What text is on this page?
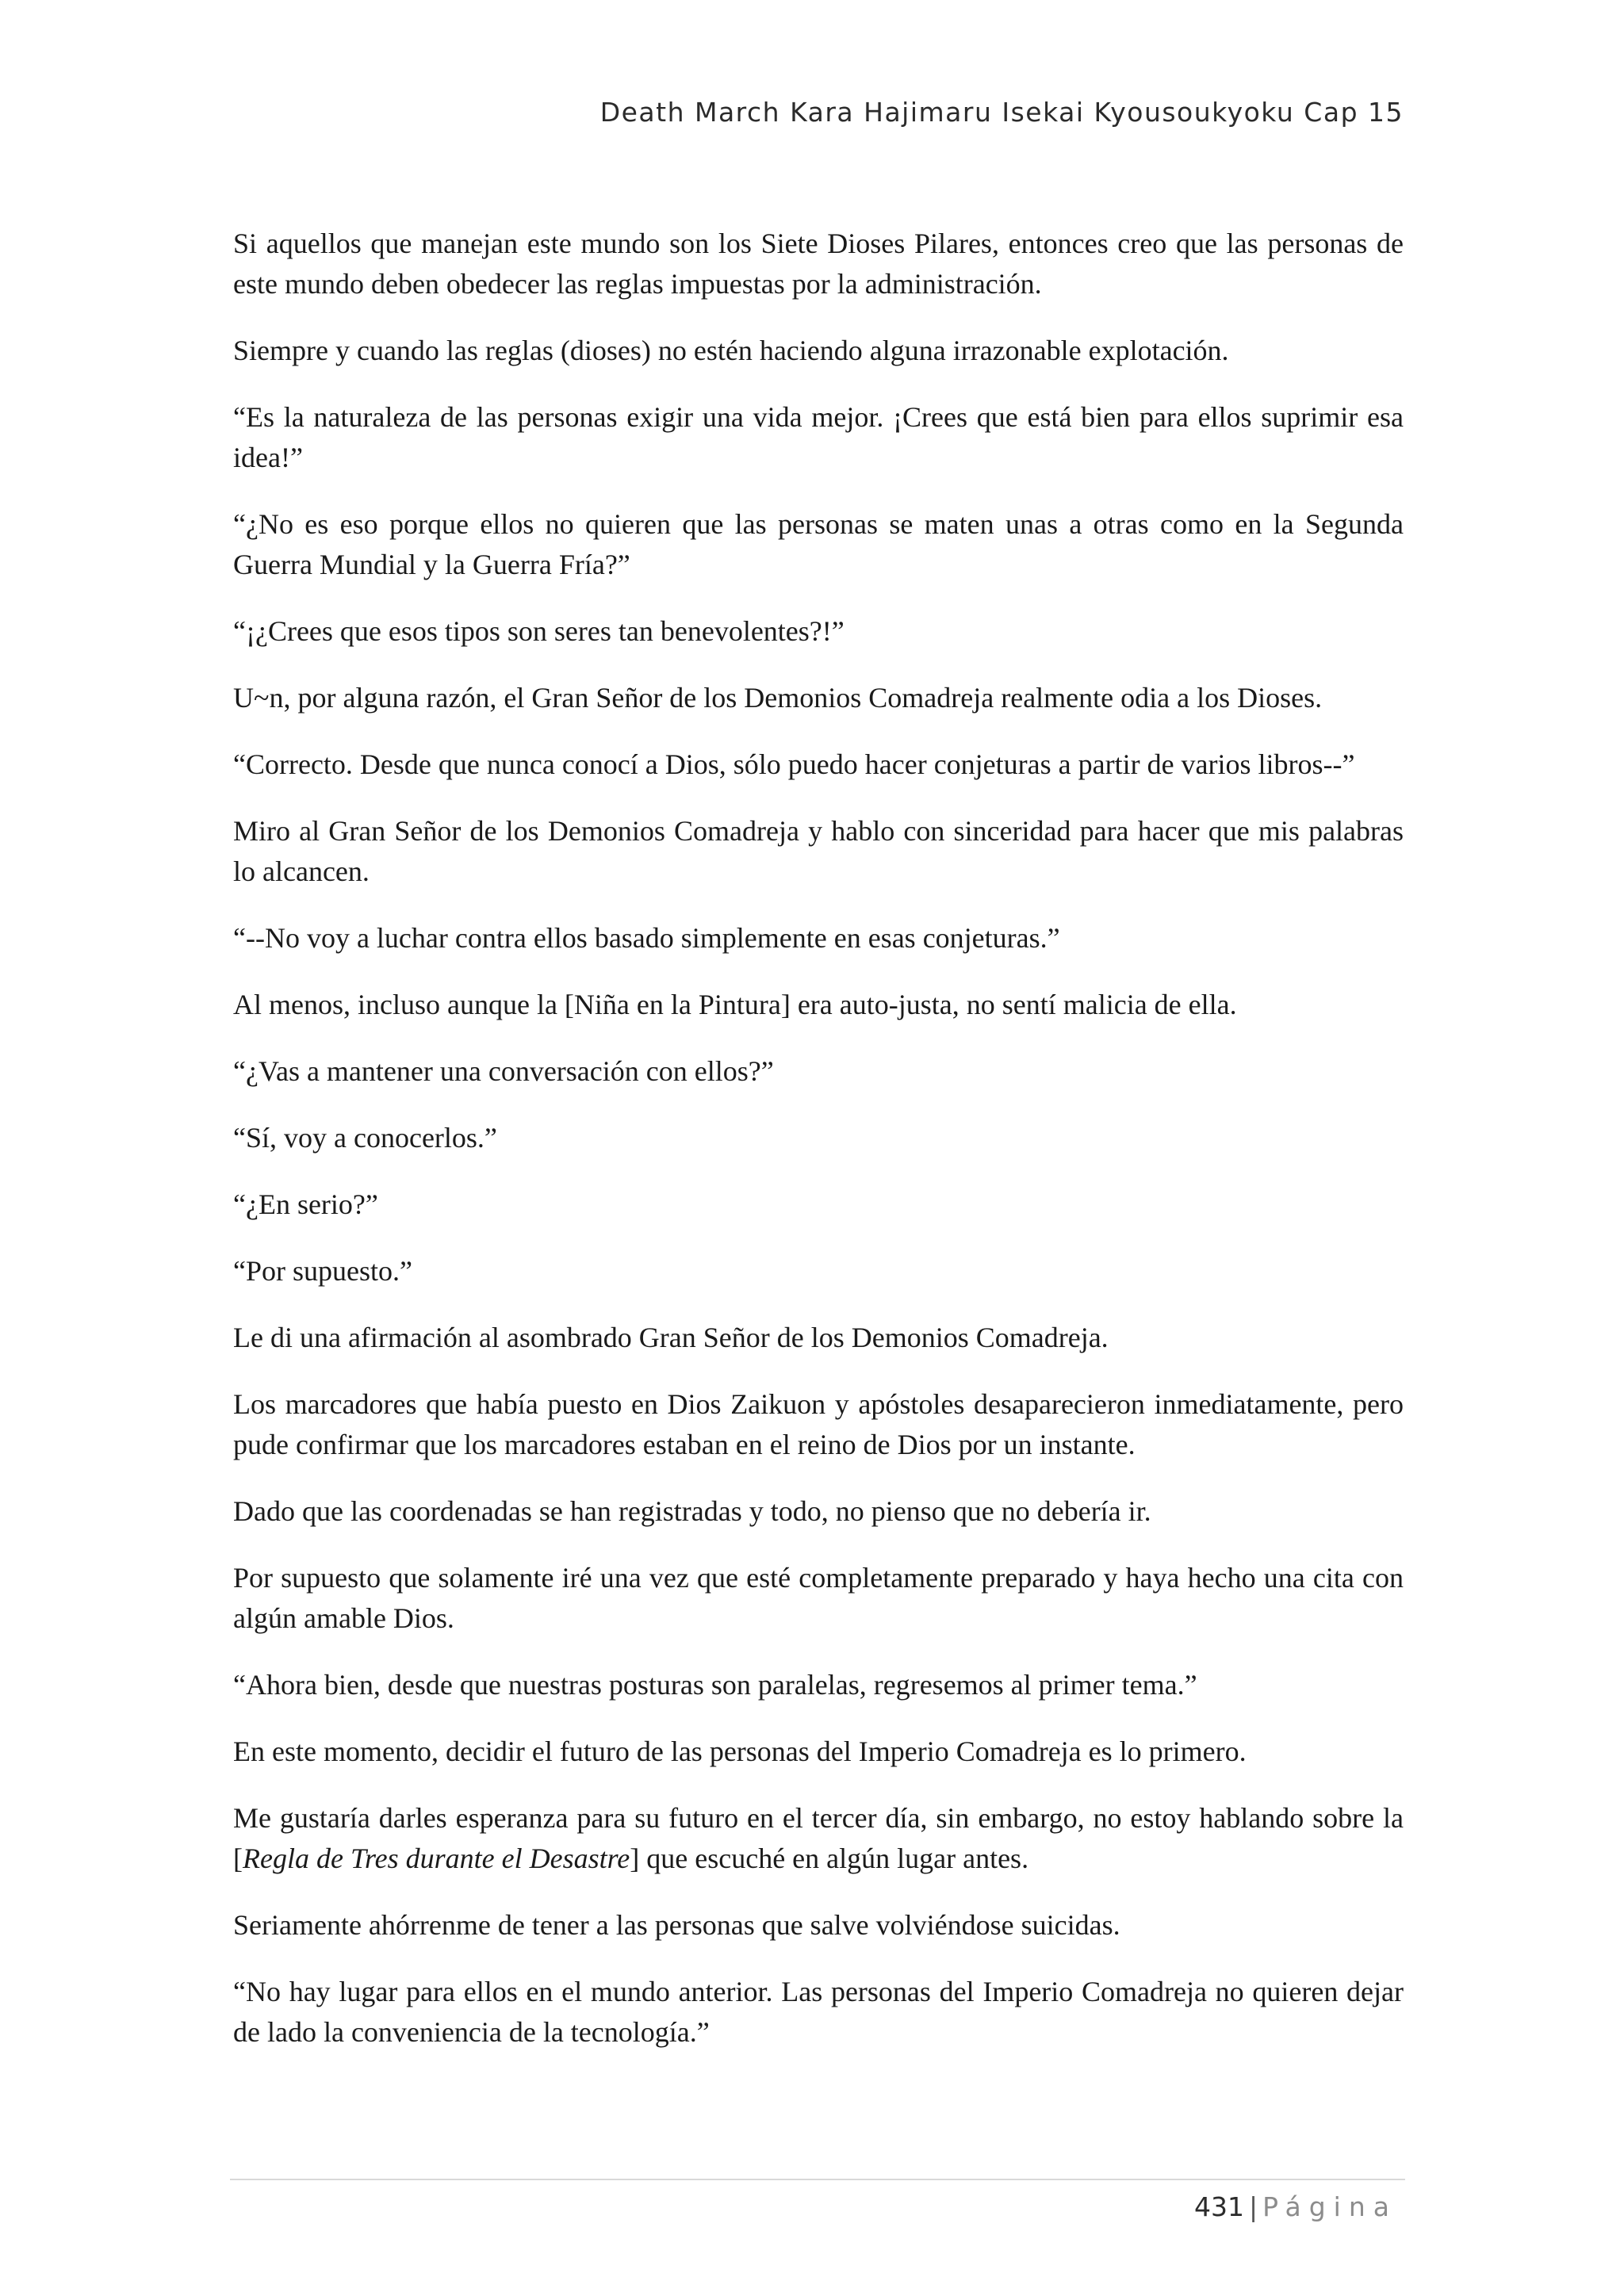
Death March Kara Hajimaru Isekai Kyousoukyoku Cap 15

Si aquellos que manejan este mundo son los Siete Dioses Pilares, entonces creo que las personas de este mundo deben obedecer las reglas impuestas por la administración.

Siempre y cuando las reglas (dioses) no estén haciendo alguna irrazonable explotación.

“Es la naturaleza de las personas exigir una vida mejor. ¡Crees que está bien para ellos suprimir esa idea!”

“¿No es eso porque ellos no quieren que las personas se maten unas a otras como en la Segunda Guerra Mundial y la Guerra Fría?”

“¡¿Crees que esos tipos son seres tan benevolentes?!”

U~n, por alguna razón, el Gran Señor de los Demonios Comadreja realmente odia a los Dioses.

“Correcto. Desde que nunca conocí a Dios, sólo puedo hacer conjeturas a partir de varios libros--”

Miro al Gran Señor de los Demonios Comadreja y hablo con sinceridad para hacer que mis palabras lo alcancen.

“--No voy a luchar contra ellos basado simplemente en esas conjeturas.”

Al menos, incluso aunque la [Niña en la Pintura] era auto-justa, no sentí malicia de ella.

“¿Vas a mantener una conversación con ellos?”

“Sí, voy a conocerlos.”

“¿En serio?”

“Por supuesto.”

Le di una afirmación al asombrado Gran Señor de los Demonios Comadreja.

Los marcadores que había puesto en Dios Zaikuon y apóstoles desaparecieron inmediatamente, pero pude confirmar que los marcadores estaban en el reino de Dios por un instante.

Dado que las coordenadas se han registradas y todo, no pienso que no debería ir.

Por supuesto que solamente iré una vez que esté completamente preparado y haya hecho una cita con algún amable Dios.

“Ahora bien, desde que nuestras posturas son paralelas, regresemos al primer tema.”

En este momento, decidir el futuro de las personas del Imperio Comadreja es lo primero.

Me gustaría darles esperanza para su futuro en el tercer día, sin embargo, no estoy hablando sobre la [Regla de Tres durante el Desastre] que escuché en algún lugar antes.

Seriamente ahórrenme de tener a las personas que salve volviéndose suicidas.

“No hay lugar para ellos en el mundo anterior. Las personas del Imperio Comadreja no quieren dejar de lado la conveniencia de la tecnología.”

431 | Página
